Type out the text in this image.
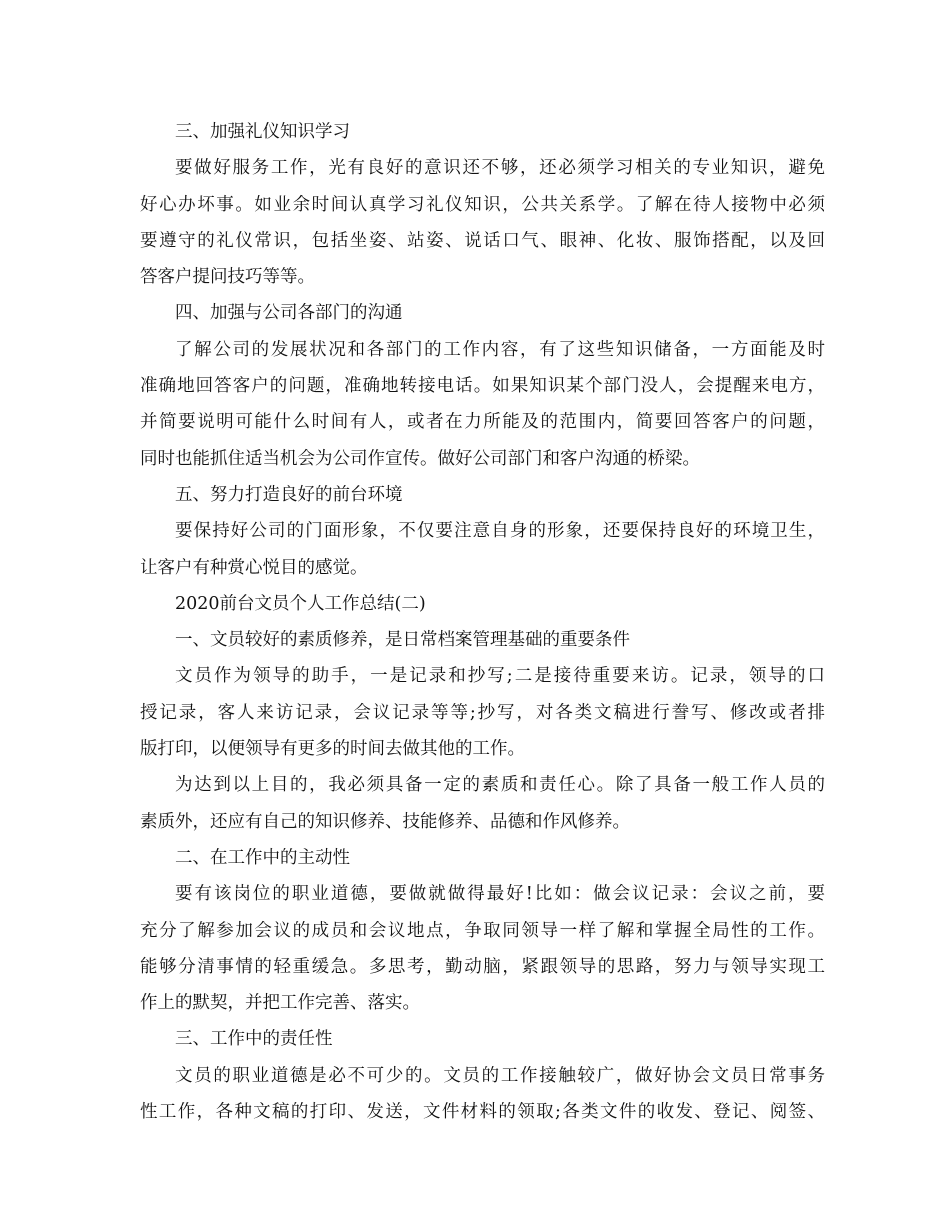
三、加强礼仪知识学习
要做好服务工作，光有良好的意识还不够，还必须学习相关的专业知识，避免
好心办坏事。如业余时间认真学习礼仪知识，公共关系学。了解在待人接物中必须
要遵守的礼仪常识，包括坐姿、站姿、说话口气、眼神、化妆、服饰搭配，以及回
答客户提问技巧等等。
四、加强与公司各部门的沟通
了解公司的发展状况和各部门的工作内容，有了这些知识储备，一方面能及时
准确地回答客户的问题，准确地转接电话。如果知识某个部门没人，会提醒来电方，
并简要说明可能什么时间有人，或者在力所能及的范围内，简要回答客户的问题，
同时也能抓住适当机会为公司作宣传。做好公司部门和客户沟通的桥梁。
五、努力打造良好的前台环境
要保持好公司的门面形象，不仅要注意自身的形象，还要保持良好的环境卫生，
让客户有种赏心悦目的感觉。
2020前台文员个人工作总结(二)
一、文员较好的素质修养，是日常档案管理基础的重要条件
文员作为领导的助手，一是记录和抄写;二是接待重要来访。记录，领导的口
授记录，客人来访记录，会议记录等等;抄写，对各类文稿进行誊写、修改或者排
版打印，以便领导有更多的时间去做其他的工作。
为达到以上目的，我必须具备一定的素质和责任心。除了具备一般工作人员的
素质外，还应有自己的知识修养、技能修养、品德和作风修养。
二、在工作中的主动性
要有该岗位的职业道德，要做就做得最好!比如：做会议记录：会议之前，要
充分了解参加会议的成员和会议地点，争取同领导一样了解和掌握全局性的工作。
能够分清事情的轻重缓急。多思考，勤动脑，紧跟领导的思路，努力与领导实现工
作上的默契，并把工作完善、落实。
三、工作中的责任性
文员的职业道德是必不可少的。文员的工作接触较广，做好协会文员日常事务
性工作，各种文稿的打印、发送，文件材料的领取;各类文件的收发、登记、阅签、
